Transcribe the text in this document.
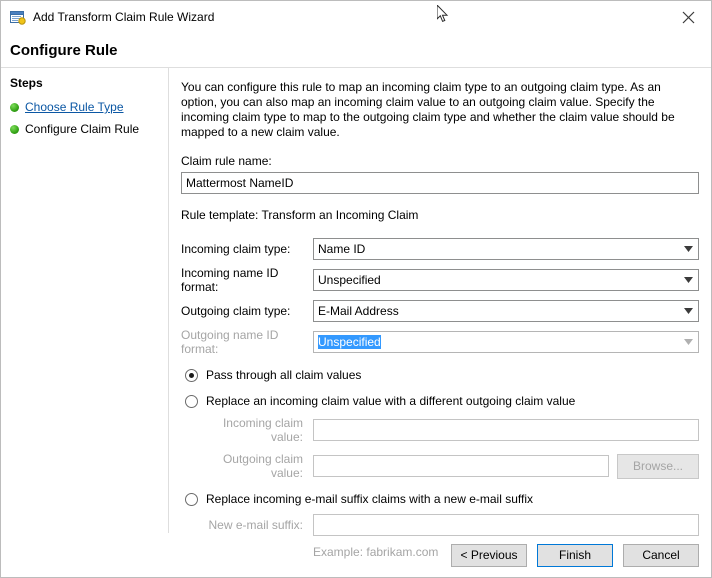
Add Transform Claim Rule Wizard
Configure Rule
Steps
Choose Rule Type
Configure Claim Rule
You can configure this rule to map an incoming claim type to an outgoing claim type. As an option, you can also map an incoming claim value to an outgoing claim value. Specify the incoming claim type to map to the outgoing claim type and whether the claim value should be mapped to a new claim value.
Claim rule name:
Mattermost NameID
Rule template: Transform an Incoming Claim
Incoming claim type:	Name ID
Incoming name ID format:	Unspecified
Outgoing claim type:	E-Mail Address
Outgoing name ID format:	Unspecified
Pass through all claim values
Replace an incoming claim value with a different outgoing claim value
Incoming claim value:
Outgoing claim value:	Browse...
Replace incoming e-mail suffix claims with a new e-mail suffix
New e-mail suffix:
Example: fabrikam.com	< Previous	Finish	Cancel
